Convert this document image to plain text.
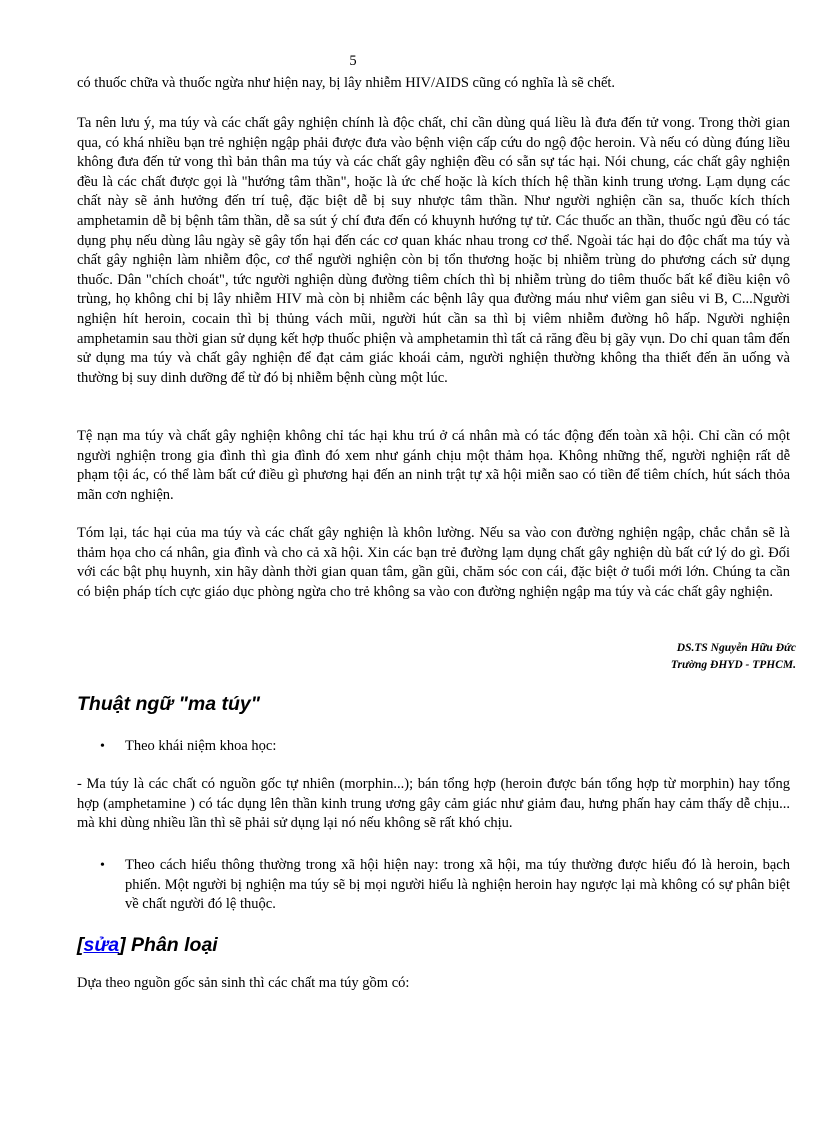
5

có thuốc chữa và thuốc ngừa như hiện nay, bị lây nhiễm HIV/AIDS cũng có nghĩa là sẽ chết.

Ta nên lưu ý, ma túy và các chất gây nghiện chính là độc chất, chỉ cần dùng quá liều là đưa đến tử vong. Trong thời gian qua, có khá nhiều bạn trẻ nghiện ngập phải được đưa vào bệnh viện cấp cứu do ngộ độc heroin. Và nếu có dùng đúng liều không đưa đến tử vong thì bản thân ma túy và các chất gây nghiện đều có sẵn sự tác hại. Nói chung, các chất gây nghiện đều là các chất được gọi là "hướng tâm thần", hoặc là ức chế hoặc là kích thích hệ thần kinh trung ương. Lạm dụng các chất này sẽ ảnh hưởng đến trí tuệ, đặc biệt dễ bị suy nhược tâm thần. Như người nghiện cần sa, thuốc kích thích amphetamin dễ bị bệnh tâm thần, dễ sa sút ý chí đưa đến có khuynh hướng tự tử. Các thuốc an thần, thuốc ngủ đều có tác dụng phụ nếu dùng lâu ngày sẽ gây tổn hại đến các cơ quan khác nhau trong cơ thể. Ngoài tác hại do độc chất ma túy và chất gây nghiện làm nhiễm độc, cơ thể người nghiện còn bị tổn thương hoặc bị nhiễm trùng do phương cách sử dụng thuốc. Dân "chích choát", tức người nghiện dùng đường tiêm chích thì bị nhiễm trùng do tiêm thuốc bất kể điều kiện vô trùng, họ không chỉ bị lây nhiễm HIV mà còn bị nhiễm các bệnh lây qua đường máu như viêm gan siêu vi B, C...Người nghiện hít heroin, cocain thì bị thủng vách mũi, người hút cần sa thì bị viêm nhiễm đường hô hấp. Người nghiện amphetamin sau thời gian sử dụng kết hợp thuốc phiện và amphetamin thì tất cả răng đều bị gãy vụn. Do chỉ quan tâm đến sử dụng ma túy và chất gây nghiện để đạt cảm giác khoái cảm, người nghiện thường không tha thiết đến ăn uống và thường bị suy dinh dưỡng để từ đó bị nhiễm bệnh cùng một lúc.

Tệ nạn ma túy và chất gây nghiện không chỉ tác hại khu trú ở cá nhân mà có tác động đến toàn xã hội. Chỉ cần có một người nghiện trong gia đình thì gia đình đó xem như gánh chịu một thảm họa. Không những thế, người nghiện rất dễ phạm tội ác, có thể làm bất cứ điều gì phương hại đến an ninh trật tự xã hội miễn sao có tiền để tiêm chích, hút sách thỏa mãn cơn nghiện.

Tóm lại, tác hại của ma túy và các chất gây nghiện là khôn lường. Nếu sa vào con đường nghiện ngập, chắc chắn sẽ là thảm họa cho cá nhân, gia đình và cho cả xã hội. Xin các bạn trẻ đường lạm dụng chất gây nghiện dù bất cứ lý do gì. Đối với các bật phụ huynh, xin hãy dành thời gian quan tâm, gần gũi, chăm sóc con cái, đặc biệt ở tuổi mới lớn. Chúng ta cần có biện pháp tích cực giáo dục phòng ngừa cho trẻ không sa vào con đường nghiện ngập ma túy và các chất gây nghiện.

DS.TS Nguyễn Hữu Đức
Trường ĐHYD - TPHCM.
Thuật ngữ "ma túy"
•	Theo khái niệm khoa học:

- Ma túy là các chất có nguồn gốc tự nhiên (morphin...); bán tổng hợp (heroin được bán tổng hợp từ morphin) hay tổng hợp (amphetamine ) có tác dụng lên thần kinh trung ương gây cảm giác như giảm đau, hưng phấn hay cảm thấy dễ chịu... mà khi dùng nhiều lần thì sẽ phải sử dụng lại nó nếu không sẽ rất khó chịu.

•	Theo cách hiểu thông thường trong xã hội hiện nay: trong xã hội, ma túy thường được hiểu đó là heroin, bạch phiến. Một người bị nghiện ma túy sẽ bị mọi người hiểu là nghiện heroin hay ngược lại mà không có sự phân biệt về chất người đó lệ thuộc.

[sửa] Phân loại

Dựa theo nguồn gốc sản sinh thì các chất ma túy gồm có:
